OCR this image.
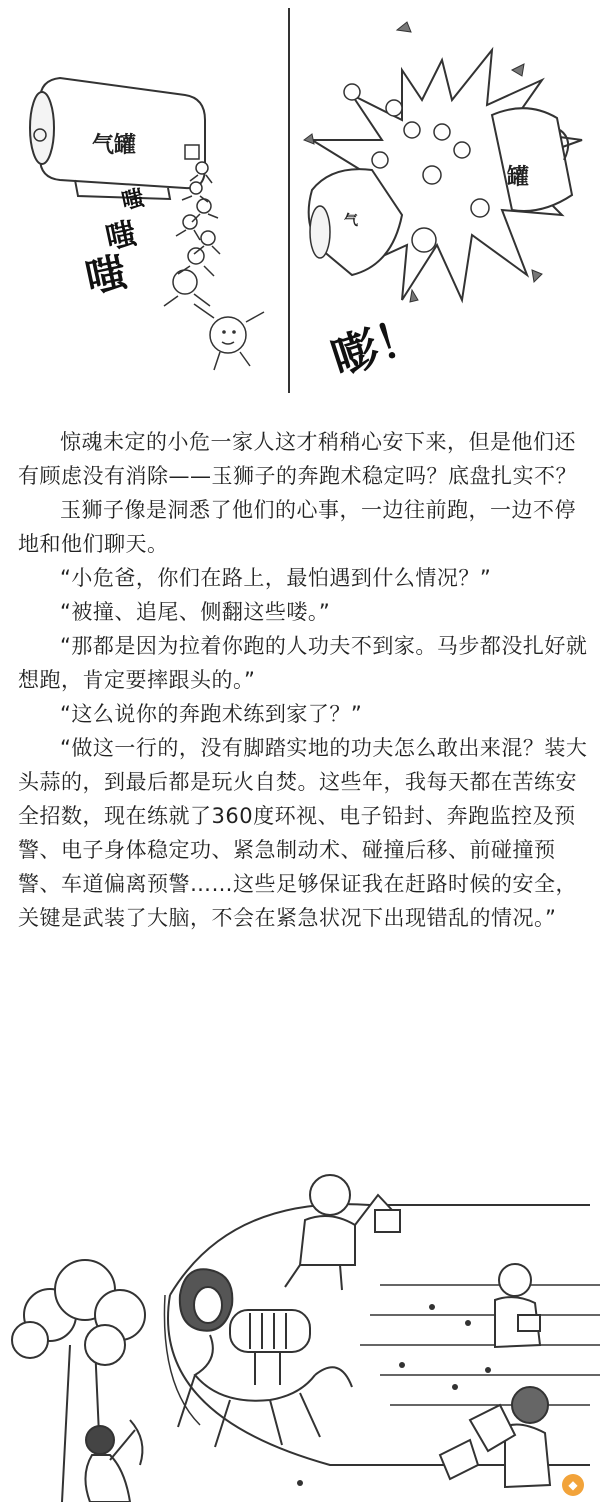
气罐
嗤
嗤
嗤
罐
气
嘭！

惊魂未定的小危一家人这才稍稍心安下来，但是他们还有顾虑没有消除——玉狮子的奔跑术稳定吗？底盘扎实不？

玉狮子像是洞悉了他们的心事，一边往前跑，一边不停地和他们聊天。

“小危爸，你们在路上，最怕遇到什么情况？”

“被撞、追尾、侧翻这些喽。”

“那都是因为拉着你跑的人功夫不到家。马步都没扎好就想跑，肯定要摔跟头的。”

“这么说你的奔跑术练到家了？”

“做这一行的，没有脚踏实地的功夫怎么敢出来混？装大头蒜的，到最后都是玩火自焚。这些年，我每天都在苦练安全招数，现在练就了360度环视、电子铅封、奔跑监控及预警、电子身体稳定功、紧急制动术、碰撞后移、前碰撞预警、车道偏离预警……这些足够保证我在赶路时候的安全，关键是武装了大脑，不会在紧急状况下出现错乱的情况。”

◆
